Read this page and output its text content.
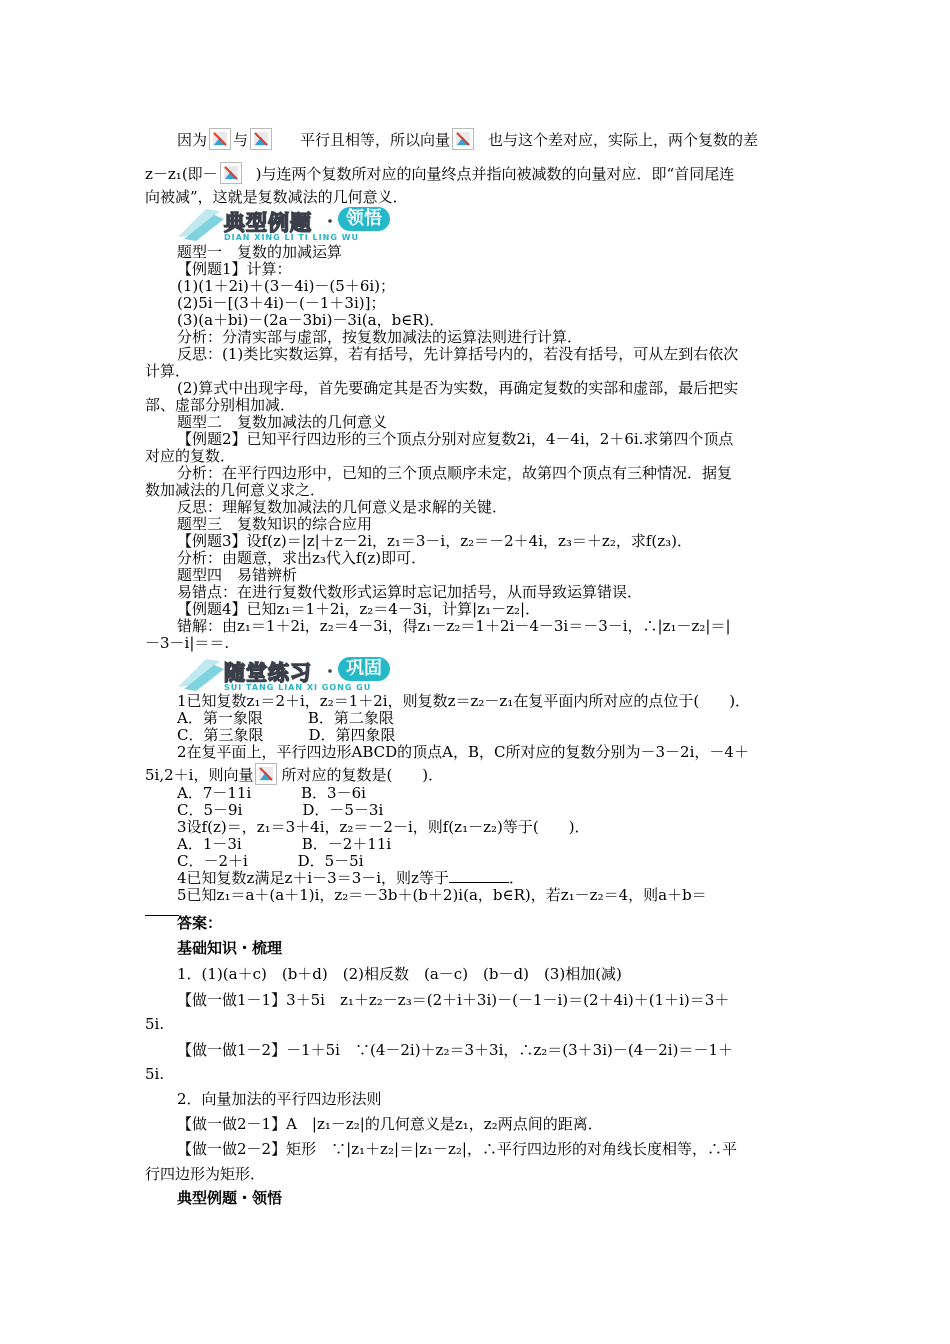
因为 与	平行且相等，所以向量	也与这个差对应，实际上，两个复数的差
z－z₁(即－	)与连两个复数所对应的向量终点并指向被减数的向量对应．即“首同尾连
向被减”，这就是复数减法的几何意义．
典型例题 ・ 领悟
DIAN XING LI TI LING WU
题型一　复数的加减运算
【例题1】计算：
(1)(1＋2i)＋(3－4i)－(5＋6i)；
(2)5i－[(3＋4i)－(－1＋3i)]；
(3)(a＋bi)－(2a－3bi)－3i(a，b∈R)．
分析：分清实部与虚部，按复数加减法的运算法则进行计算．
反思：(1)类比实数运算，若有括号，先计算括号内的，若没有括号，可从左到右依次
计算．
(2)算式中出现字母，首先要确定其是否为实数，再确定复数的实部和虚部，最后把实
部、虚部分别相加减．
题型二　复数加减法的几何意义
【例题2】已知平行四边形的三个顶点分别对应复数2i，4－4i，2＋6i.求第四个顶点
对应的复数．
分析：在平行四边形中，已知的三个顶点顺序未定，故第四个顶点有三种情况．据复
数加减法的几何意义求之．
反思：理解复数加减法的几何意义是求解的关键．
题型三　复数知识的综合应用
【例题3】设f(z)＝|z|＋z－2i，z₁＝3－i，z₂＝－2＋4i，z₃＝＋z₂，求f(z₃)．
分析：由题意，求出z₃代入f(z)即可．
题型四　易错辨析
易错点：在进行复数代数形式运算时忘记加括号，从而导致运算错误．
【例题4】已知z₁＝1＋2i，z₂＝4－3i，计算|z₁－z₂|．
错解：由z₁＝1＋2i，z₂＝4－3i，得z₁－z₂＝1＋2i－4－3i＝－3－i，∴|z₁－z₂|＝|
－3－i|＝＝.
随堂练习 ・ 巩固
SUI TANG LIAN XI GONG GU
1已知复数z₁＝2＋i，z₂＝1＋2i，则复数z＝z₂－z₁在复平面内所对应的点位于(　　)．
A．第一象限　　　B．第二象限
C．第三象限　　　D．第四象限
2在复平面上，平行四边形ABCD的顶点A，B，C所对应的复数分别为－3－2i，－4＋
5i,2＋i，则向量 所对应的复数是(　　)．
A．7－11i　　　 B．3－6i
C．5－9i　　　　D．－5－3i
3设f(z)＝，z₁＝3＋4i，z₂＝－2－i，则f(z₁－z₂)等于(　　)．
A．1－3i　　　　B．－2＋11i
C．－2＋i　　　 D．5－5i
4已知复数z满足z＋i－3＝3－i，则z等于	．
5已知z₁＝a＋(a＋1)i，z₂＝－3b＋(b＋2)i(a，b∈R)，若z₁－z₂＝4，则a＋b＝
答案：
基础知识・梳理
1．(1)(a＋c)　(b＋d)　(2)相反数　(a－c)　(b－d)　(3)相加(减)
【做一做1－1】3＋5i　z₁＋z₂－z₃＝(2＋i＋3i)－(－1－i)＝(2＋4i)＋(1＋i)＝3＋
5i.
【做一做1－2】－1＋5i　∵(4－2i)＋z₂＝3＋3i，∴z₂＝(3＋3i)－(4－2i)＝－1＋
5i.
2．向量加法的平行四边形法则
【做一做2－1】A　|z₁－z₂|的几何意义是z₁，z₂两点间的距离．
【做一做2－2】矩形　∵|z₁＋z₂|＝|z₁－z₂|，∴平行四边形的对角线长度相等，∴平
行四边形为矩形．
典型例题・领悟
